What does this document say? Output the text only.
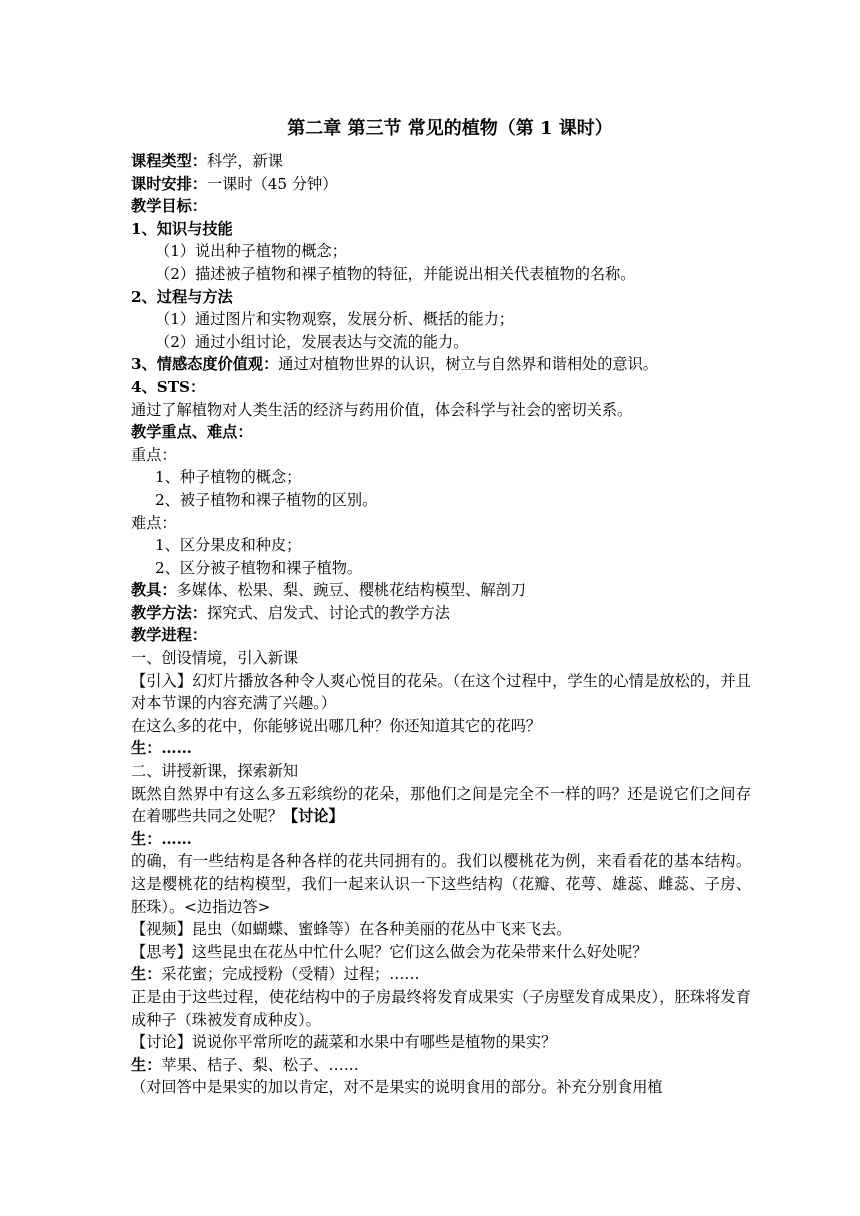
第二章 第三节 常见的植物（第 1 课时）
课程类型：科学，新课
课时安排：一课时（45 分钟）
教学目标：
1、知识与技能
（1）说出种子植物的概念；
（2）描述被子植物和裸子植物的特征，并能说出相关代表植物的名称。
2、过程与方法
（1）通过图片和实物观察，发展分析、概括的能力；
（2）通过小组讨论，发展表达与交流的能力。
3、情感态度价值观：通过对植物世界的认识，树立与自然界和谐相处的意识。
4、STS：
通过了解植物对人类生活的经济与药用价值，体会科学与社会的密切关系。
教学重点、难点：
重点：
1、种子植物的概念；
2、被子植物和裸子植物的区别。
难点：
1、区分果皮和种皮；
2、区分被子植物和裸子植物。
教具：多媒体、松果、梨、豌豆、樱桃花结构模型、解剖刀
教学方法：探究式、启发式、讨论式的教学方法
教学进程：
一、创设情境，引入新课
【引入】幻灯片播放各种令人爽心悦目的花朵。（在这个过程中，学生的心情是放松的，并且对本节课的内容充满了兴趣。）
在这么多的花中，你能够说出哪几种？你还知道其它的花吗？
生：……
二、讲授新课，探索新知
既然自然界中有这么多五彩缤纷的花朵，那他们之间是完全不一样的吗？还是说它们之间存在着哪些共同之处呢？【讨论】
生：……
的确，有一些结构是各种各样的花共同拥有的。我们以樱桃花为例，来看看花的基本结构。这是樱桃花的结构模型，我们一起来认识一下这些结构（花瓣、花萼、雄蕊、雌蕊、子房、胚珠）。<边指边答>
【视频】昆虫（如蝴蝶、蜜蜂等）在各种美丽的花丛中飞来飞去。
【思考】这些昆虫在花丛中忙什么呢？它们这么做会为花朵带来什么好处呢？
生：采花蜜；完成授粉（受精）过程；……
正是由于这些过程，使花结构中的子房最终将发育成果实（子房壁发育成果皮），胚珠将发育成种子（珠被发育成种皮）。
【讨论】说说你平常所吃的蔬菜和水果中有哪些是植物的果实？
生：苹果、桔子、梨、松子、……
（对回答中是果实的加以肯定，对不是果实的说明食用的部分。补充分别食用植
